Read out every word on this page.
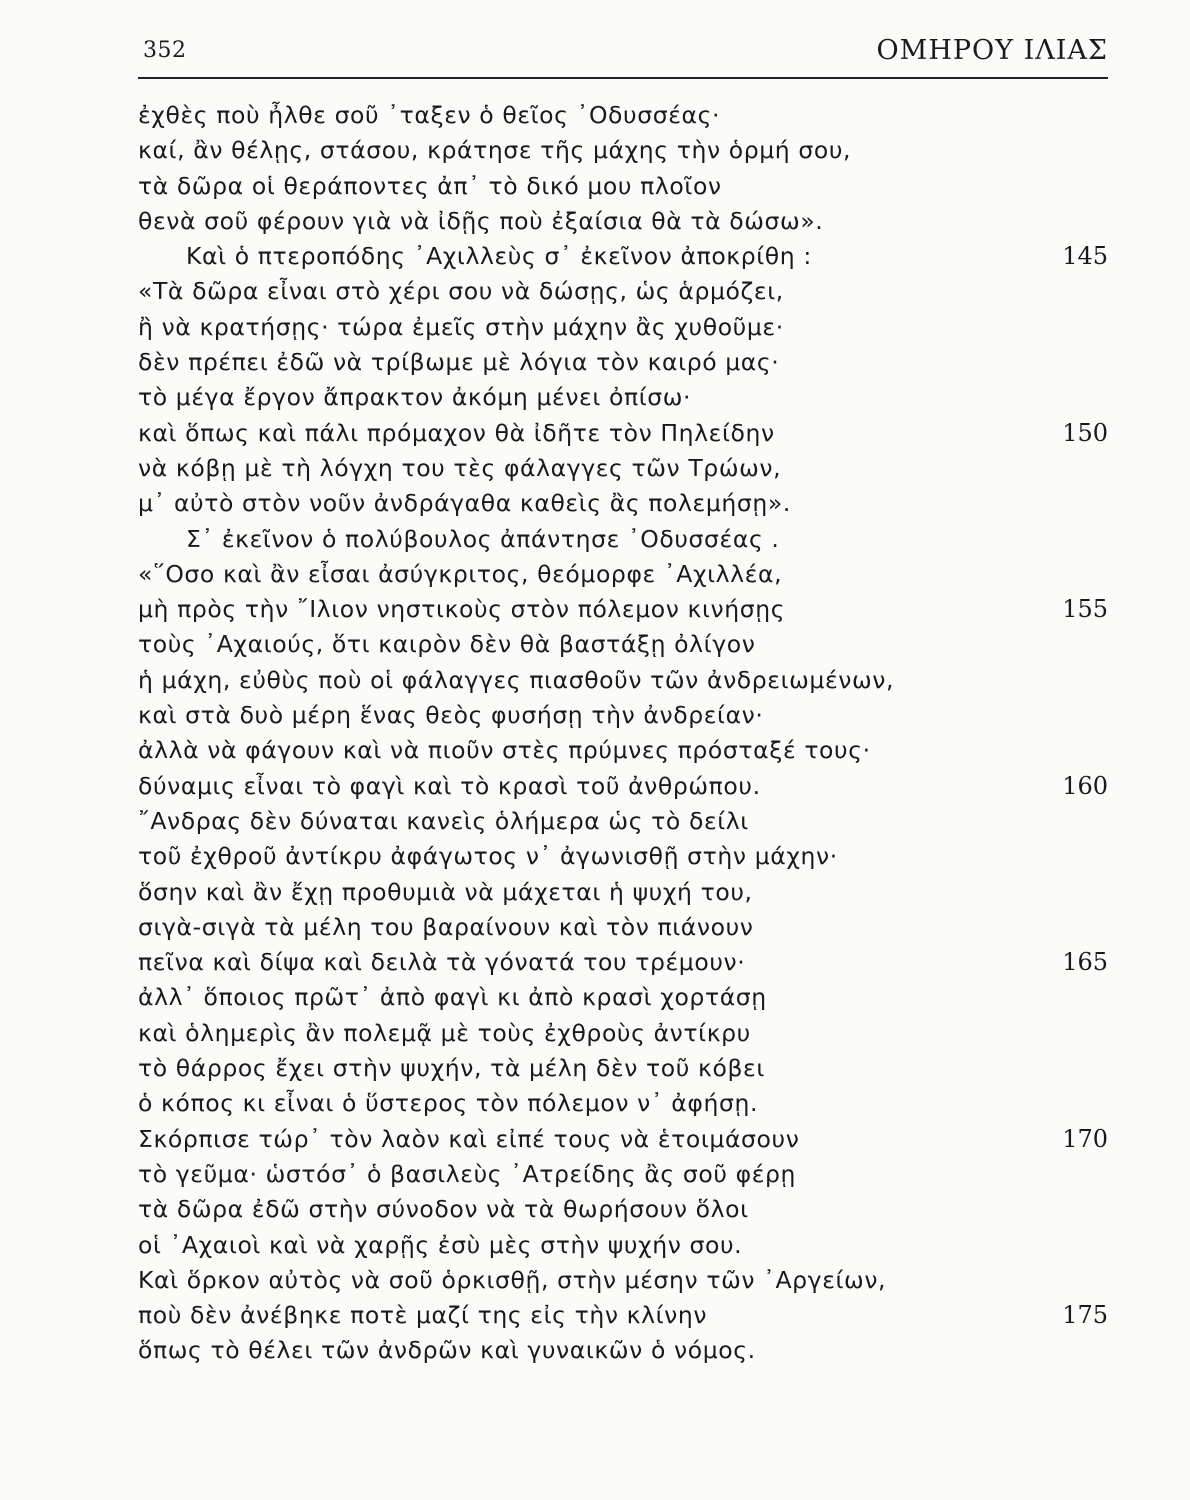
352	ΟΜΗΡΟΥ ΙΛΙΑΣ
ἐχθὲς ποὺ ἦλθε σοῦ ᾿ταξεν ὁ θεῖος ᾿Οδυσσέας·
καί, ἂν θέλῃς, στάσου, κράτησε τῆς μάχης τὴν ὁρμή σου,
τὰ δῶρα οἱ θεράποντες ἀπ᾿ τὸ δικό μου πλοῖον
θενὰ σοῦ φέρουν γιὰ νὰ ἰδῇς ποὺ ἐξαίσια θὰ τὰ δώσω».
Καὶ ὁ πτεροπόδης ᾿Αχιλλεὺς σ᾿ ἐκεῖνον ἀποκρίθη :	145
«Τὰ δῶρα εἶναι στὸ χέρι σου νὰ δώσῃς, ὡς ἁρμόζει,
ἢ νὰ κρατήσῃς· τώρα ἐμεῖς στὴν μάχην ἂς χυθοῦμε·
δὲν πρέπει ἐδῶ νὰ τρίβωμε μὲ λόγια τὸν καιρό μας·
τὸ μέγα ἔργον ἄπρακτον ἀκόμη μένει ὀπίσω·
καὶ ὅπως καὶ πάλι πρόμαχον θὰ ἰδῆτε τὸν Πηλείδην	150
νὰ κόβῃ μὲ τὴ λόγχη του τὲς φάλαγγες τῶν Τρώων,
μ᾿ αὐτὸ στὸν νοῦν ἀνδράγαθα καθεὶς ἂς πολεμήσῃ».
Σ᾿ ἐκεῖνον ὁ πολύβουλος ἀπάντησε ᾿Οδυσσέας .
«῞Οσο καὶ ἂν εἶσαι ἀσύγκριτος, θεόμορφε ᾿Αχιλλέα,
μὴ πρὸς τὴν ῎Ιλιον νηστικοὺς στὸν πόλεμον κινήσῃς	155
τοὺς ᾿Αχαιούς, ὅτι καιρὸν δὲν θὰ βαστάξῃ ὀλίγον
ἡ μάχη, εὐθὺς ποὺ οἱ φάλαγγες πιασθοῦν τῶν ἀνδρειωμένων,
καὶ στὰ δυὸ μέρη ἕνας θεὸς φυσήσῃ τὴν ἀνδρείαν·
ἀλλὰ νὰ φάγουν καὶ νὰ πιοῦν στὲς πρύμνες πρόσταξέ τους·
δύναμις εἶναι τὸ φαγὶ καὶ τὸ κρασὶ τοῦ ἀνθρώπου.	160
῎Ανδρας δὲν δύναται κανεὶς ὁλήμερα ὡς τὸ δείλι
τοῦ ἐχθροῦ ἀντίκρυ ἀφάγωτος ν᾿ ἀγωνισθῇ στὴν μάχην·
ὅσην καὶ ἂν ἔχῃ προθυμιὰ νὰ μάχεται ἡ ψυχή του,
σιγὰ-σιγὰ τὰ μέλη του βαραίνουν καὶ τὸν πιάνουν
πεῖνα καὶ δίψα καὶ δειλὰ τὰ γόνατά του τρέμουν·	165
ἀλλ᾿ ὅποιος πρῶτ᾿ ἀπὸ φαγὶ κι ἀπὸ κρασὶ χορτάσῃ
καὶ ὁλημερὶς ἂν πολεμᾷ μὲ τοὺς ἐχθροὺς ἀντίκρυ
τὸ θάρρος ἔχει στὴν ψυχήν, τὰ μέλη δὲν τοῦ κόβει
ὁ κόπος κι εἶναι ὁ ὕστερος τὸν πόλεμον ν᾿ ἀφήσῃ.
Σκόρπισε τώρ᾿ τὸν λαὸν καὶ εἰπέ τους νὰ ἑτοιμάσουν	170
τὸ γεῦμα· ὡστόσ᾿ ὁ βασιλεὺς ᾿Ατρείδης ἂς σοῦ φέρῃ
τὰ δῶρα ἐδῶ στὴν σύνοδον νὰ τὰ θωρήσουν ὅλοι
οἱ ᾿Αχαιοὶ καὶ νὰ χαρῇς ἐσὺ μὲς στὴν ψυχήν σου.
Καὶ ὅρκον αὐτὸς νὰ σοῦ ὁρκισθῇ, στὴν μέσην τῶν ᾿Αργείων,
ποὺ δὲν ἀνέβηκε ποτὲ μαζί της εἰς τὴν κλίνην	175
ὅπως τὸ θέλει τῶν ἀνδρῶν καὶ γυναικῶν ὁ νόμος.
